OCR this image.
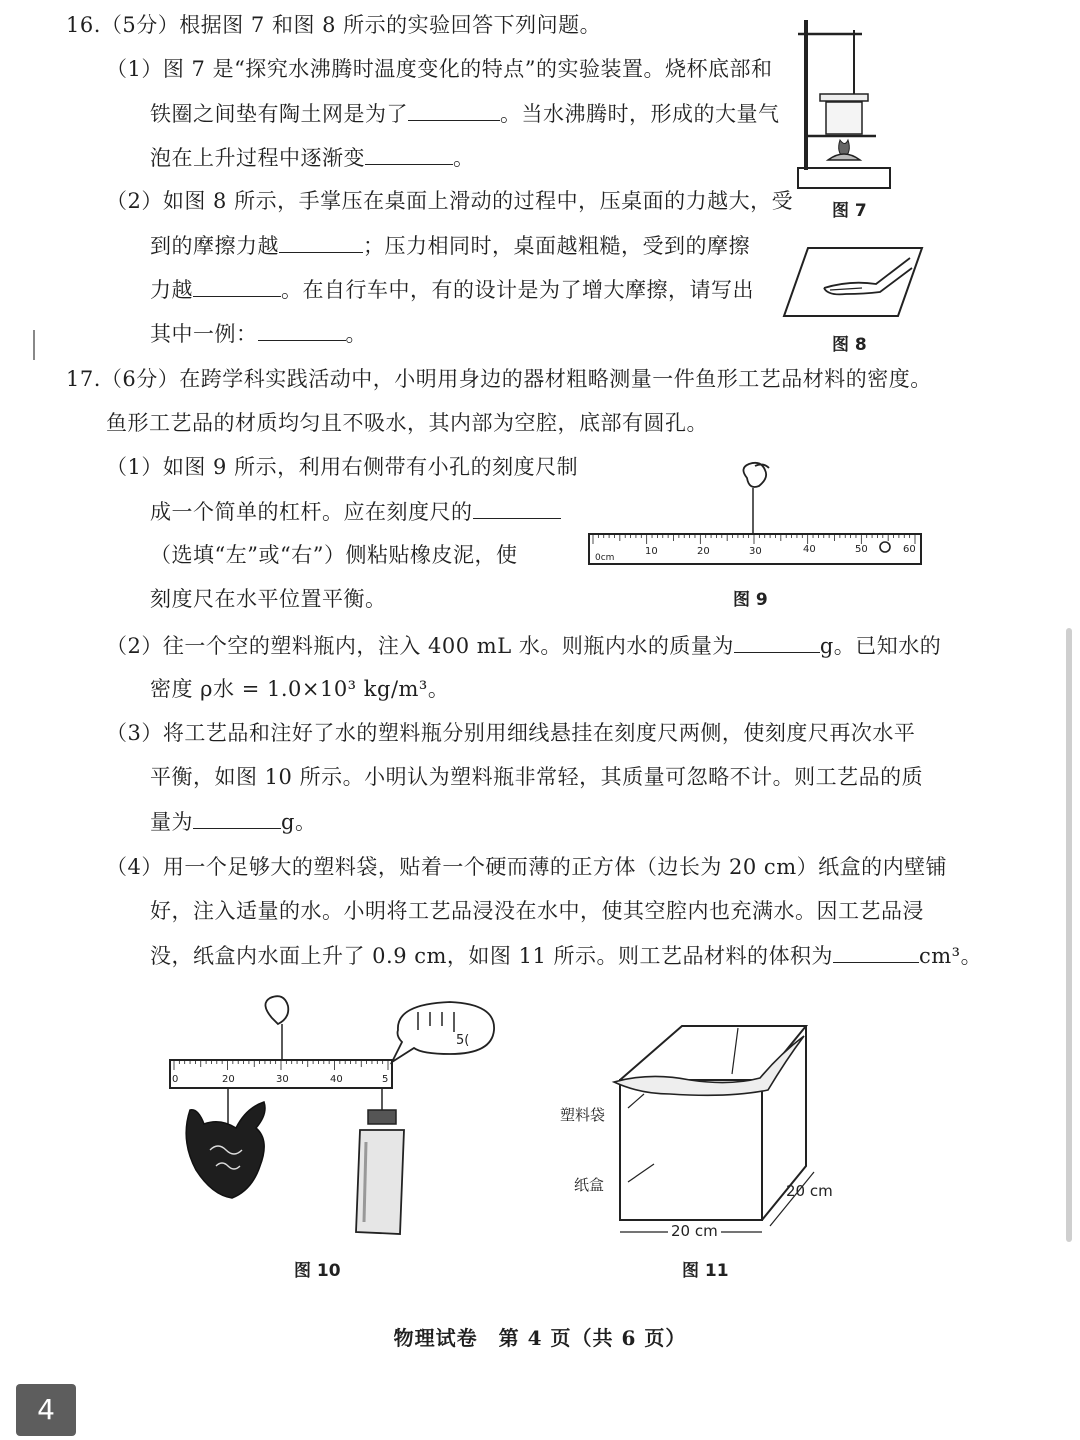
16.（5分）根据图 7 和图 8 所示的实验回答下列问题。
（1）图 7 是“探究水沸腾时温度变化的特点”的实验装置。烧杯底部和
铁圈之间垫有陶土网是为了	。当水沸腾时，形成的大量气
泡在上升过程中逐渐变	。
（2）如图 8 所示，手掌压在桌面上滑动的过程中，压桌面的力越大，受
到的摩擦力越	；压力相同时，桌面越粗糙，受到的摩擦
力越	。在自行车中，有的设计是为了增大摩擦，请写出
其中一例：	。
图 7
图 8
17.（6分）在跨学科实践活动中，小明用身边的器材粗略测量一件鱼形工艺品材料的密度。
鱼形工艺品的材质均匀且不吸水，其内部为空腔，底部有圆孔。
（1）如图 9 所示，利用右侧带有小孔的刻度尺制
成一个简单的杠杆。应在刻度尺的
（选填“左”或“右”）侧粘贴橡皮泥，使
刻度尺在水平位置平衡。
0cm
10	20	30	40	50	60
图 9
（2）往一个空的塑料瓶内，注入 400 mL 水。则瓶内水的质量为	g。已知水的
密度 ρ水 = 1.0×10³ kg/m³。
（3）将工艺品和注好了水的塑料瓶分别用细线悬挂在刻度尺两侧，使刻度尺再次水平
平衡，如图 10 所示。小明认为塑料瓶非常轻，其质量可忽略不计。则工艺品的质
量为	g。
（4）用一个足够大的塑料袋，贴着一个硬而薄的正方体（边长为 20 cm）纸盒的内壁铺
好，注入适量的水。小明将工艺品浸没在水中，使其空腔内也充满水。因工艺品浸
没，纸盒内水面上升了 0.9 cm，如图 11 所示。则工艺品材料的体积为	cm³。
0	20	30	40	5
5(
图 10
塑料袋
纸盒
20 cm
20 cm
图 11
物理试卷　第 4 页（共 6 页）
4
